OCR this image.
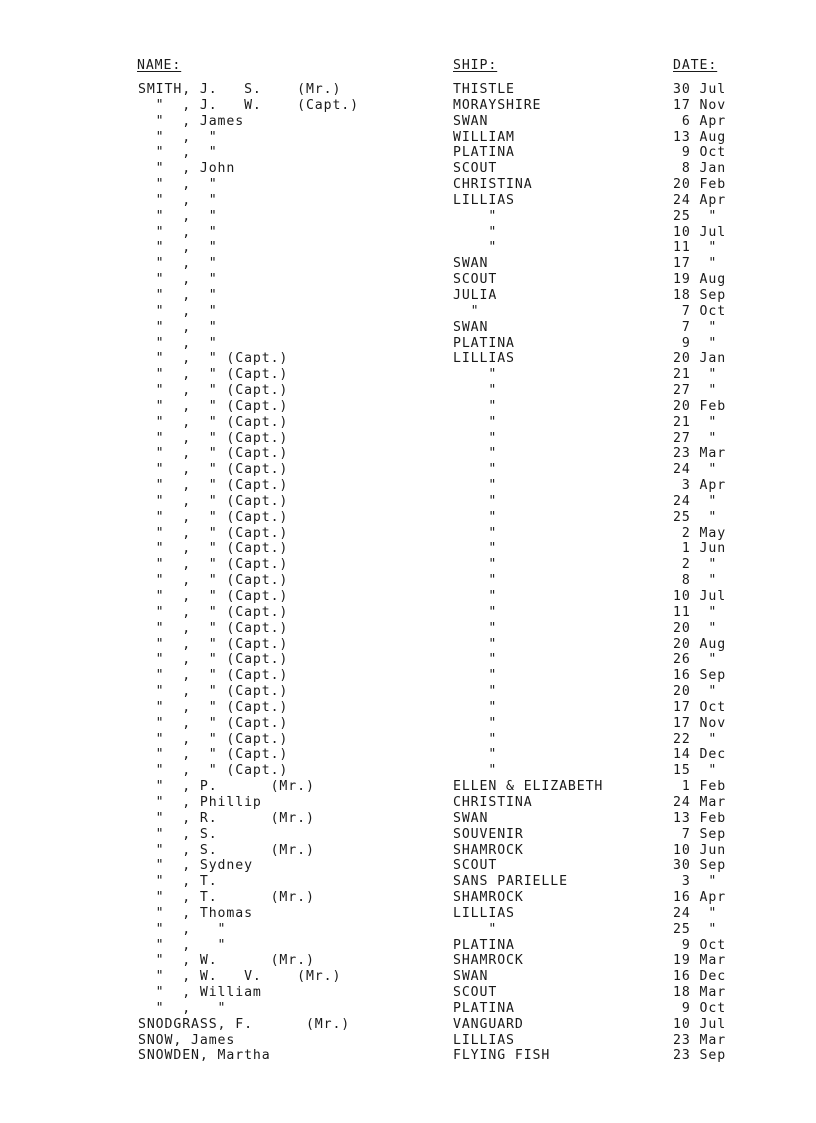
NAME:	SHIP:	DATE:
SMITH, J.   S.    (Mr.)	THISTLE	30 Jul
"  , J.   W.    (Capt.)	MORAYSHIRE	17 Nov
"  , James	SWAN	6 Apr
"  ,  "	WILLIAM	13 Aug
"  ,  "	PLATINA	9 Oct
"  , John	SCOUT	8 Jan
"  ,  "	CHRISTINA	20 Feb
"  ,  "	LILLIAS	24 Apr
"  ,  "	"	25  "
"  ,  "	"	10 Jul
"  ,  "	"	11  "
"  ,  "	SWAN	17  "
"  ,  "	SCOUT	19 Aug
"  ,  "	JULIA	18 Sep
"  ,  "	"	7 Oct
"  ,  "	SWAN	7  "
"  ,  "	PLATINA	9  "
"  ,  " (Capt.)	LILLIAS	20 Jan
"  ,  " (Capt.)	"	21  "
"  ,  " (Capt.)	"	27  "
"  ,  " (Capt.)	"	20 Feb
"  ,  " (Capt.)	"	21  "
"  ,  " (Capt.)	"	27  "
"  ,  " (Capt.)	"	23 Mar
"  ,  " (Capt.)	"	24  "
"  ,  " (Capt.)	"	3 Apr
"  ,  " (Capt.)	"	24  "
"  ,  " (Capt.)	"	25  "
"  ,  " (Capt.)	"	2 May
"  ,  " (Capt.)	"	1 Jun
"  ,  " (Capt.)	"	2  "
"  ,  " (Capt.)	"	8  "
"  ,  " (Capt.)	"	10 Jul
"  ,  " (Capt.)	"	11  "
"  ,  " (Capt.)	"	20  "
"  ,  " (Capt.)	"	20 Aug
"  ,  " (Capt.)	"	26  "
"  ,  " (Capt.)	"	16 Sep
"  ,  " (Capt.)	"	20  "
"  ,  " (Capt.)	"	17 Oct
"  ,  " (Capt.)	"	17 Nov
"  ,  " (Capt.)	"	22  "
"  ,  " (Capt.)	"	14 Dec
"  ,  " (Capt.)	"	15  "
"  , P.      (Mr.)	ELLEN & ELIZABETH	1 Feb
"  , Phillip	CHRISTINA	24 Mar
"  , R.      (Mr.)	SWAN	13 Feb
"  , S.	SOUVENIR	7 Sep
"  , S.      (Mr.)	SHAMROCK	10 Jun
"  , Sydney	SCOUT	30 Sep
"  , T.	SANS PARIELLE	3  "
"  , T.      (Mr.)	SHAMROCK	16 Apr
"  , Thomas	LILLIAS	24  "
"  ,   "	"	25  "
"  ,   "	PLATINA	9 Oct
"  , W.      (Mr.)	SHAMROCK	19 Mar
"  , W.   V.    (Mr.)	SWAN	16 Dec
"  , William	SCOUT	18 Mar
"  ,   "	PLATINA	9 Oct
SNODGRASS, F.      (Mr.)	VANGUARD	10 Jul
SNOW, James	LILLIAS	23 Mar
SNOWDEN, Martha	FLYING FISH	23 Sep
